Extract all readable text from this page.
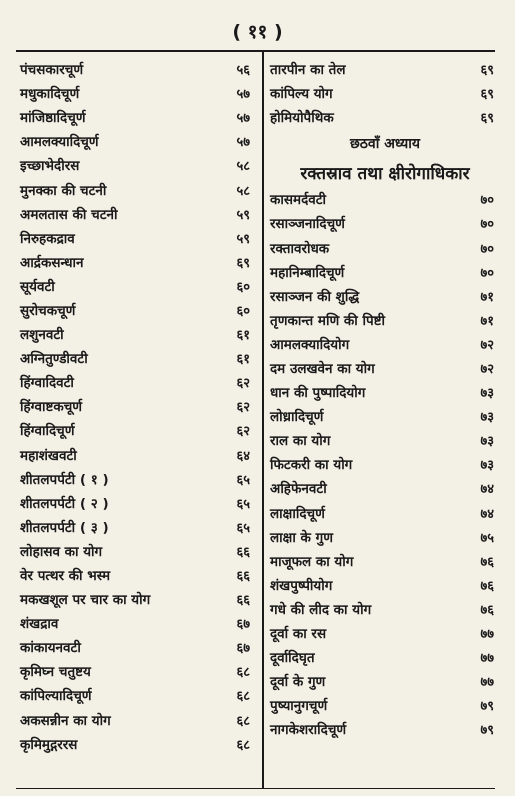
( ११ )
पंचसकारचूर्ण	५६
मधुकादिचूर्ण	५७
मांजिष्ठादिचूर्ण	५७
आमलक्यादिचूर्ण	५७
इच्छाभेदीरस	५८
मुनक्का की चटनी	५८
अमलतास की चटनी	५९
निरुहकद्राव	५९
आर्द्रकसन्धान	६९
सूर्यवटी	६०
सुरोचकचूर्ण	६०
लशुनवटी	६१
अग्नितुण्डीवटी	६१
हिंग्वादिवटी	६२
हिंग्वाष्टकचूर्ण	६२
हिंग्वादिचूर्ण	६२
महाशंखवटी	६४
शीतलपर्पटी ( १ )	६५
शीतलपर्पटी ( २ )	६५
शीतलपर्पटी ( ३ )	६५
लोहासव का योग	६६
वेर पत्थर की भस्म	६६
मकखशूल पर चार का योग	६६
शंखद्राव	६७
कांकायनवटी	६७
कृमिघ्न चतुष्टय	६८
कांपिल्यादिचूर्ण	६८
अकसन्नीन का योग	६८
कृमिमुद्गररस	६८
तारपीन का तेल	६९
कांपिल्य योग	६९
होमियोपैथिक	६९
छठवाँ अध्याय
रक्तस्राव तथा क्षीरोगाधिकार
कासमर्दवटी	७०
रसाञ्जनादिचूर्ण	७०
रक्तावरोधक	७०
महानिम्बादिचूर्ण	७०
रसाञ्जन की शुद्धि	७१
तृणकान्त मणि की पिष्टी	७१
आमलक्यादियोग	७२
दम उलखवेन का योग	७२
धान की पुष्पादियोग	७३
लोध्रादिचूर्ण	७३
राल का योग	७३
फिटकरी का योग	७३
अहिफेनवटी	७४
लाक्षादिचूर्ण	७४
लाक्षा के गुण	७५
माजूफल का योग	७६
शंखपुष्पीयोग	७६
गधे की लीद का योग	७६
दूर्वा का रस	७७
दूर्वादिघृत	७७
दूर्वा के गुण	७७
पुष्यानुगचूर्ण	७९
नागकेशरादिचूर्ण	७९
